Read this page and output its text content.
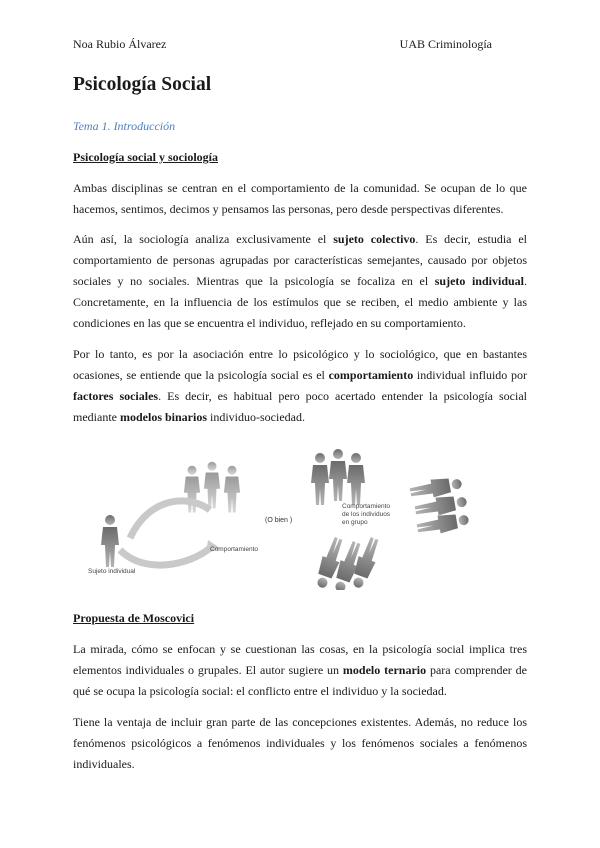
Noa Rubio Álvarez	UAB Criminología
Psicología Social

Tema 1. Introducción

Psicología social y sociología

Ambas disciplinas se centran en el comportamiento de la comunidad. Se ocupan de lo que hacemos, sentimos, decimos y pensamos las personas, pero desde perspectivas diferentes.

Aún así, la sociología analiza exclusivamente el sujeto colectivo. Es decir, estudia el comportamiento de personas agrupadas por características semejantes, causado por objetos sociales y no sociales. Mientras que la psicología se focaliza en el sujeto individual. Concretamente, en la influencia de los estímulos que se reciben, el medio ambiente y las condiciones en las que se encuentra el individuo, reflejado en su comportamiento.

Por lo tanto, es por la asociación entre lo psicológico y lo sociológico, que en bastantes ocasiones, se entiende que la psicología social es el comportamiento individual influido por factores sociales. Es decir, es habitual pero poco acertado entender la psicología social mediante modelos binarios individuo-sociedad.

Sujeto individual
Comportamiento
(O bien )
Comportamiento
de los individuos
en grupo

Propuesta de Moscovici

La mirada, cómo se enfocan y se cuestionan las cosas, en la psicología social implica tres elementos individuales o grupales. El autor sugiere un modelo ternario para comprender de qué se ocupa la psicología social: el conflicto entre el individuo y la sociedad.

Tiene la ventaja de incluir gran parte de las concepciones existentes. Además, no reduce los fenómenos psicológicos a fenómenos individuales y los fenómenos sociales a fenómenos individuales.
